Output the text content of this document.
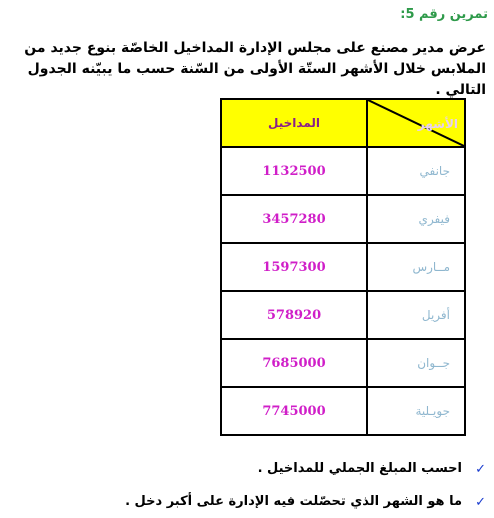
تمرين رقم 5:
عرض مدير مصنع على مجلس الإدارة المداخيل الخاصّة بنوع جديد من الملابس خلال الأشهر الستّة الأولى من السّنة حسب ما يبيّنه الجدول التالي .
المداخيل	الأشهر

1132500	جانفي
3457280	فيفري
1597300	مــارس
578920	أفريل
7685000	جــوان
7745000	جويـلية
✓
احسب المبلغ الجملي للمداخيل .
✓
ما هو الشهر الذي تحصّلت فيه الإدارة على أكبر دخل .
